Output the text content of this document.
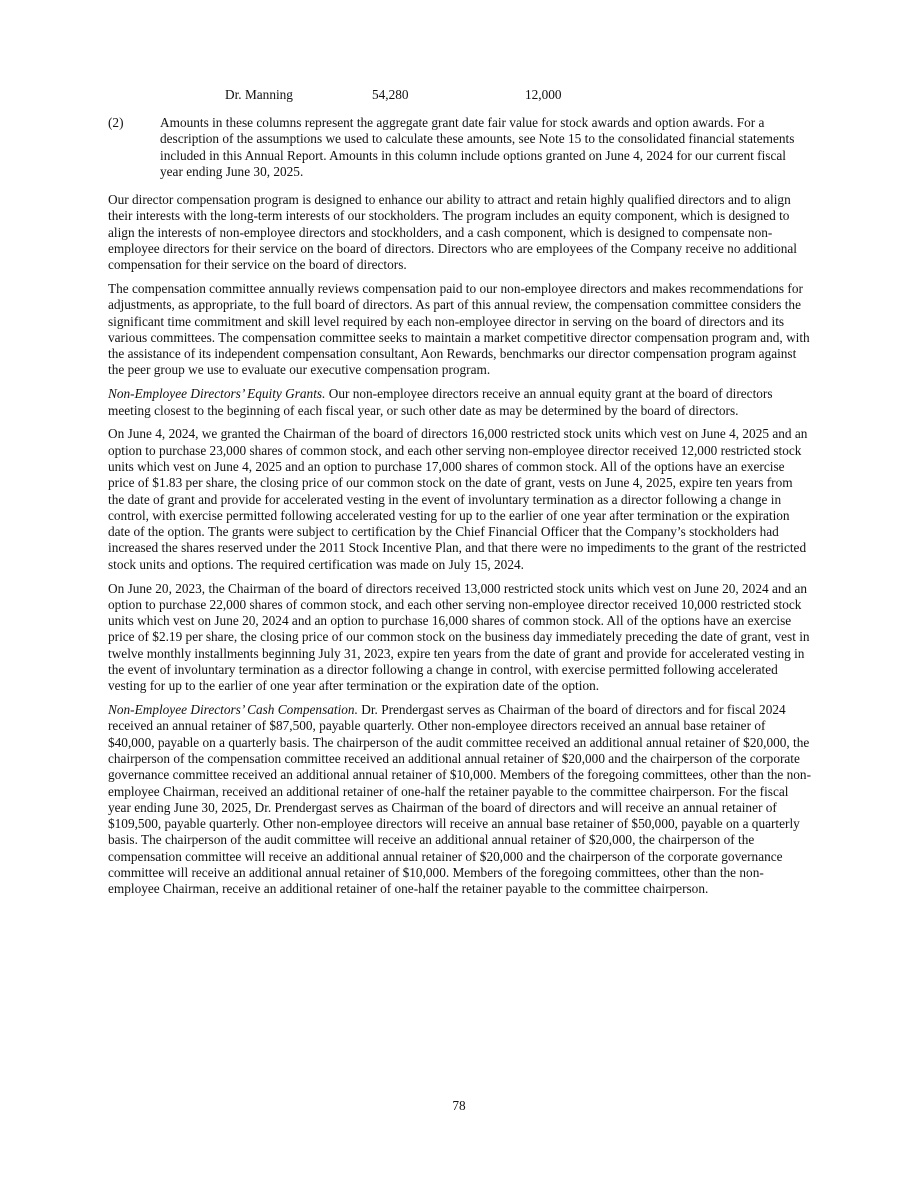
Dr. Manning	54,280	12,000
(2)	Amounts in these columns represent the aggregate grant date fair value for stock awards and option awards. For a description of the assumptions we used to calculate these amounts, see Note 15 to the consolidated financial statements included in this Annual Report. Amounts in this column include options granted on June 4, 2024 for our current fiscal year ending June 30, 2025.

Our director compensation program is designed to enhance our ability to attract and retain highly qualified directors and to align their interests with the long-term interests of our stockholders. The program includes an equity component, which is designed to align the interests of non-employee directors and stockholders, and a cash component, which is designed to compensate non-employee directors for their service on the board of directors. Directors who are employees of the Company receive no additional compensation for their service on the board of directors.

The compensation committee annually reviews compensation paid to our non-employee directors and makes recommendations for adjustments, as appropriate, to the full board of directors. As part of this annual review, the compensation committee considers the significant time commitment and skill level required by each non-employee director in serving on the board of directors and its various committees. The compensation committee seeks to maintain a market competitive director compensation program and, with the assistance of its independent compensation consultant, Aon Rewards, benchmarks our director compensation program against the peer group we use to evaluate our executive compensation program.

Non-Employee Directors’ Equity Grants. Our non-employee directors receive an annual equity grant at the board of directors meeting closest to the beginning of each fiscal year, or such other date as may be determined by the board of directors.

On June 4, 2024, we granted the Chairman of the board of directors 16,000 restricted stock units which vest on June 4, 2025 and an option to purchase 23,000 shares of common stock, and each other serving non-employee director received 12,000 restricted stock units which vest on June 4, 2025 and an option to purchase 17,000 shares of common stock. All of the options have an exercise price of $1.83 per share, the closing price of our common stock on the date of grant, vests on June 4, 2025, expire ten years from the date of grant and provide for accelerated vesting in the event of involuntary termination as a director following a change in control, with exercise permitted following accelerated vesting for up to the earlier of one year after termination or the expiration date of the option. The grants were subject to certification by the Chief Financial Officer that the Company’s stockholders had increased the shares reserved under the 2011 Stock Incentive Plan, and that there were no impediments to the grant of the restricted stock units and options. The required certification was made on July 15, 2024.

On June 20, 2023, the Chairman of the board of directors received 13,000 restricted stock units which vest on June 20, 2024 and an option to purchase 22,000 shares of common stock, and each other serving non-employee director received 10,000 restricted stock units which vest on June 20, 2024 and an option to purchase 16,000 shares of common stock. All of the options have an exercise price of $2.19 per share, the closing price of our common stock on the business day immediately preceding the date of grant, vest in twelve monthly installments beginning July 31, 2023, expire ten years from the date of grant and provide for accelerated vesting in the event of involuntary termination as a director following a change in control, with exercise permitted following accelerated vesting for up to the earlier of one year after termination or the expiration date of the option.

Non-Employee Directors’ Cash Compensation. Dr. Prendergast serves as Chairman of the board of directors and for fiscal 2024 received an annual retainer of $87,500, payable quarterly. Other non-employee directors received an annual base retainer of $40,000, payable on a quarterly basis. The chairperson of the audit committee received an additional annual retainer of $20,000, the chairperson of the compensation committee received an additional annual retainer of $20,000 and the chairperson of the corporate governance committee received an additional annual retainer of $10,000. Members of the foregoing committees, other than the non-employee Chairman, received an additional retainer of one-half the retainer payable to the committee chairperson. For the fiscal year ending June 30, 2025, Dr. Prendergast serves as Chairman of the board of directors and will receive an annual retainer of $109,500, payable quarterly. Other non-employee directors will receive an annual base retainer of $50,000, payable on a quarterly basis. The chairperson of the audit committee will receive an additional annual retainer of $20,000, the chairperson of the compensation committee will receive an additional annual retainer of $20,000 and the chairperson of the corporate governance committee will receive an additional annual retainer of $10,000. Members of the foregoing committees, other than the non-employee Chairman, receive an additional retainer of one-half the retainer payable to the committee chairperson.

78
